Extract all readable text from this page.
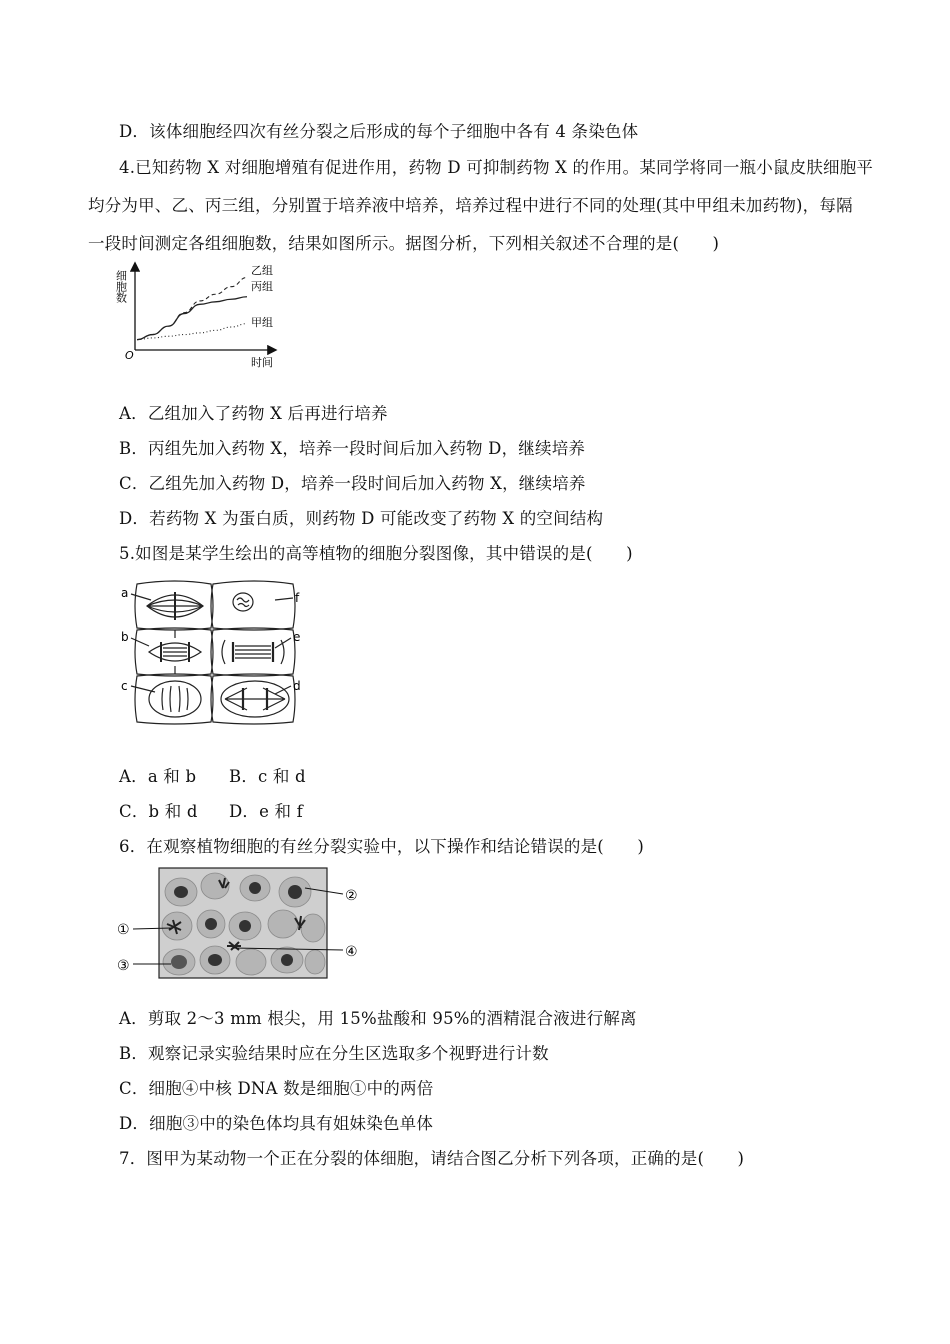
D．该体细胞经四次有丝分裂之后形成的每个子细胞中各有 4 条染色体
4.已知药物 X 对细胞增殖有促进作用，药物 D 可抑制药物 X 的作用。某同学将同一瓶小鼠皮肤细胞平
均分为甲、乙、丙三组，分别置于培养液中培养，培养过程中进行不同的处理(其中甲组未加药物)，每隔
一段时间测定各组细胞数，结果如图所示。据图分析，下列相关叙述不合理的是(　　)
细胞数
时间
O
乙组
丙组
甲组
A．乙组加入了药物 X 后再进行培养
B．丙组先加入药物 X，培养一段时间后加入药物 D，继续培养
C．乙组先加入药物 D，培养一段时间后加入药物 X，继续培养
D．若药物 X 为蛋白质，则药物 D 可能改变了药物 X 的空间结构
5.如图是某学生绘出的高等植物的细胞分裂图像，其中错误的是(　　)
a	f
b	e
c	d
A．a 和 b B．c 和 d
C．b 和 d D．e 和 f
6．在观察植物细胞的有丝分裂实验中，以下操作和结论错误的是(　　)
①
②
③
④
A．剪取 2～3 mm 根尖，用 15%盐酸和 95%的酒精混合液进行解离
B．观察记录实验结果时应在分生区选取多个视野进行计数
C．细胞④中核 DNA 数是细胞①中的两倍
D．细胞③中的染色体均具有姐妹染色单体
7．图甲为某动物一个正在分裂的体细胞，请结合图乙分析下列各项，正确的是(　　)
